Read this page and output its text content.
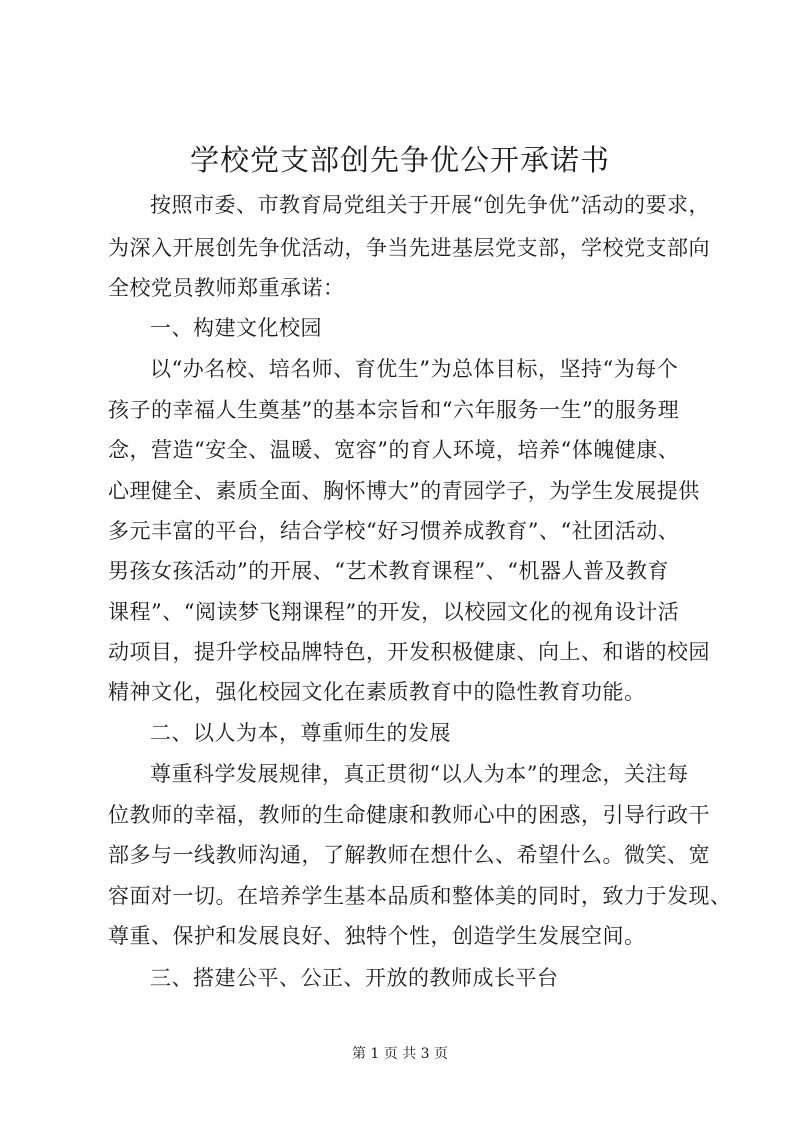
学校党支部创先争优公开承诺书
按照市委、市教育局党组关于开展“创先争优”活动的要求，
为深入开展创先争优活动，争当先进基层党支部，学校党支部向
全校党员教师郑重承诺：
一、构建文化校园
以“办名校、培名师、育优生”为总体目标，坚持“为每个
孩子的幸福人生奠基”的基本宗旨和“六年服务一生”的服务理
念，营造“安全、温暖、宽容”的育人环境，培养“体魄健康、
心理健全、素质全面、胸怀博大”的青园学子，为学生发展提供
多元丰富的平台，结合学校“好习惯养成教育”、“社团活动、
男孩女孩活动”的开展、“艺术教育课程”、“机器人普及教育
课程”、“阅读梦飞翔课程”的开发，以校园文化的视角设计活
动项目，提升学校品牌特色，开发积极健康、向上、和谐的校园
精神文化，强化校园文化在素质教育中的隐性教育功能。
二、以人为本，尊重师生的发展
尊重科学发展规律，真正贯彻“以人为本”的理念，关注每
位教师的幸福，教师的生命健康和教师心中的困惑，引导行政干
部多与一线教师沟通，了解教师在想什么、希望什么。微笑、宽
容面对一切。在培养学生基本品质和整体美的同时，致力于发现、
尊重、保护和发展良好、独特个性，创造学生发展空间。
三、搭建公平、公正、开放的教师成长平台
第 1 页 共 3 页
